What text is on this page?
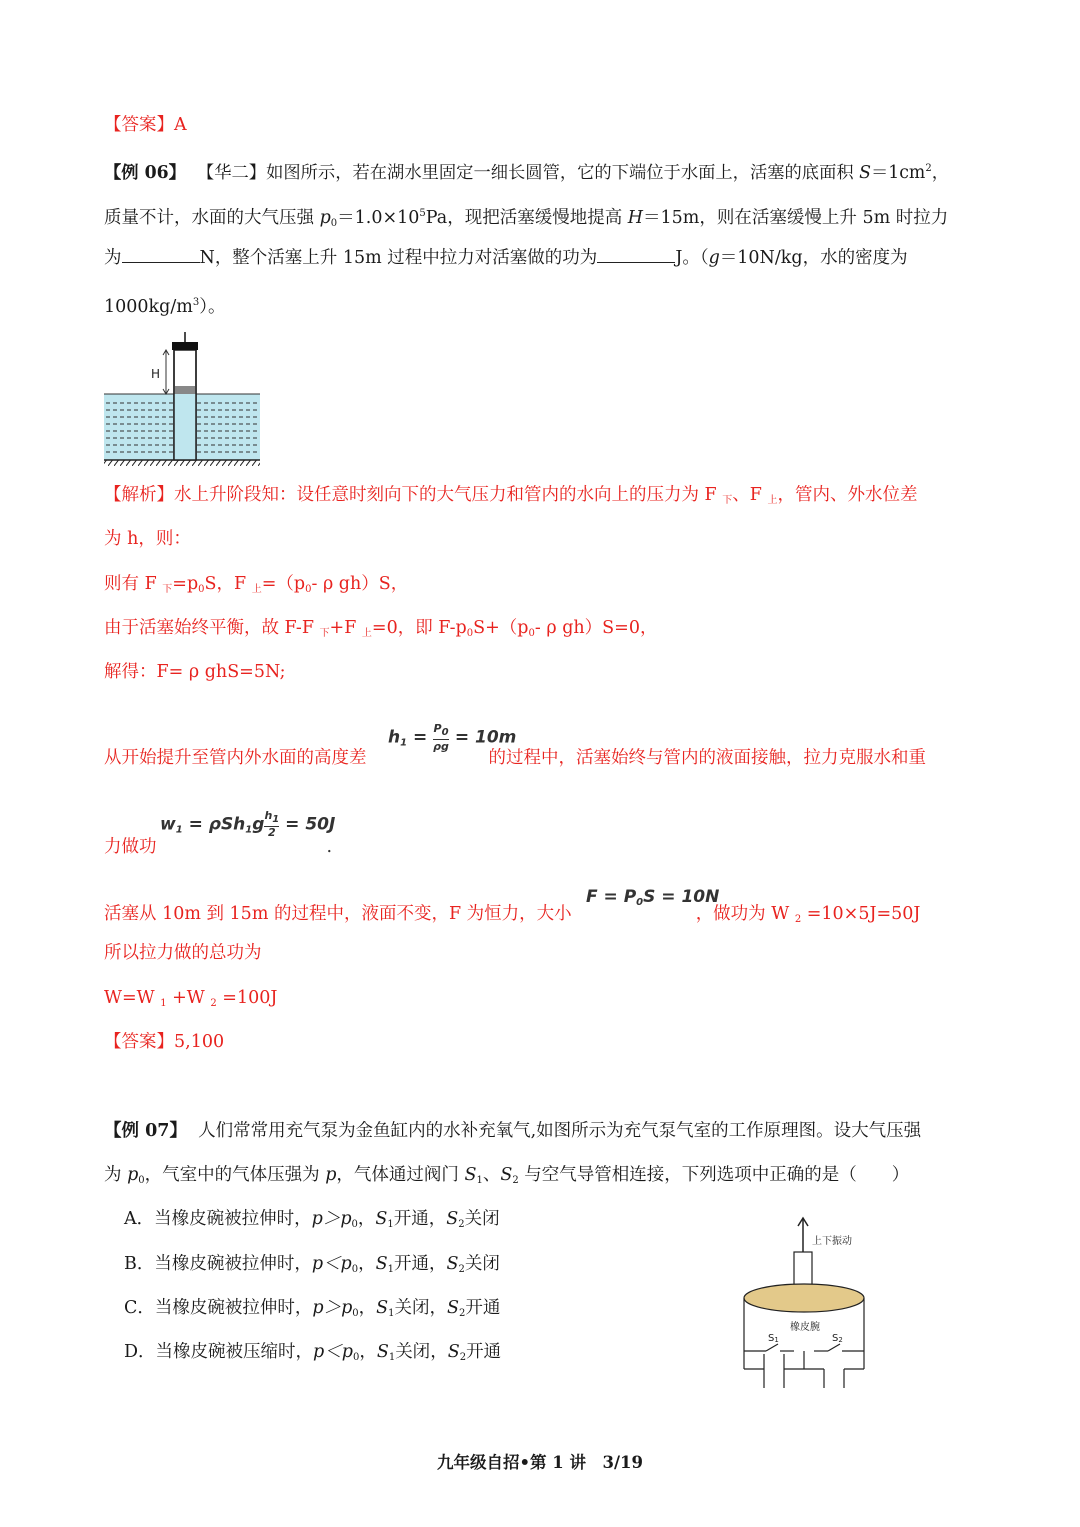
【答案】A
【例 06】 【华二】如图所示，若在湖水里固定一细长圆管，它的下端位于水面上，活塞的底面积 $S=1cm^2$，
质量不计，水面的大气压强 $p_0=1.0\times 10^5Pa$，现把活塞缓慢地提高 H＝15m，则在活塞缓慢上升 5m 时拉力
为	N，整个活塞上升 15m 过程中拉力对活塞做的功为	J。（g＝10N/kg，水的密度为
$1000kg/m^3$）。
H
【解析】水上升阶段知：设任意时刻向下的大气压力和管内的水向上的压力为 F $_下$、F $_上$，管内、外水位差
为 h，则：
则有 F $_下=p_0S$，F $_上=(p_0-$ ρ gh）S，
由于活塞始终平衡，故 F-F $_下$+F $_上$=0，即 $F-p_0S+(p_0-$ ρ gh）S=0，
解得：F= ρ ghS=5N;
$h_1 = \frac{P0}{\rho g} = 10m$
从开始提升至管内外水面的高度差	的过程中，活塞始终与管内的液面接触，拉力克服水和重
$w_1 = \rho Sh_1g \frac{h1}{2} = 50J$
力做功	.
$F = P_0S = 10N$
活塞从 10m 到 15m 的过程中，液面不变，F 为恒力，大小	，做功为 W $_2$ =10×5J=50J
所以拉力做的总功为
W=W $_1$ +W $_2$ =100J
【答案】5,100
【例 07】 人们常常用充气泵为金鱼缸内的水补充氧气,如图所示为充气泵气室的工作原理图。设大气压强
为 $p_0$，气室中的气体压强为 p，气体通过阀门 $S_1$、$S_2$ 与空气导管相连接，下列选项中正确的是（　　）
A．当橡皮碗被拉伸时，$p>p_0$，$S_1$开通，$S_2$关闭
B．当橡皮碗被拉伸时，$p<p_0$，$S_1$开通，$S_2$关闭
C．当橡皮碗被拉伸时，$p>p_0$，$S_1$关闭，$S_2$开通
D．当橡皮碗被压缩时，$p<p_0$，$S_1$关闭，$S_2$开通
上下振动
橡皮腕
S1	S2
九年级自招•第 1 讲　3/19
